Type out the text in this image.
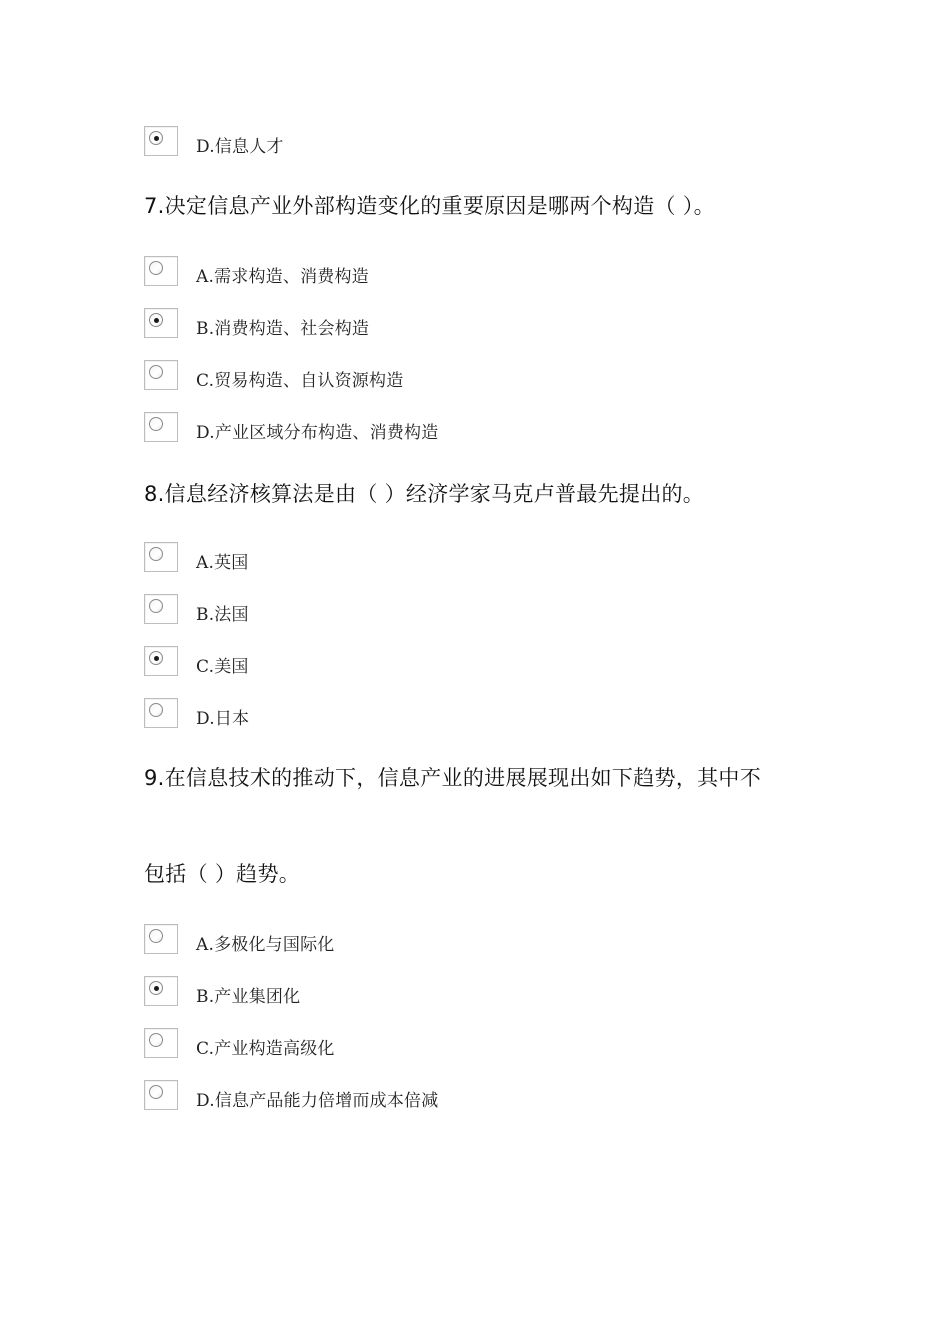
D.信息人才
7.决定信息产业外部构造变化的重要原因是哪两个构造（ ）。
A.需求构造、消费构造
B.消费构造、社会构造
C.贸易构造、自认资源构造
D.产业区域分布构造、消费构造
8.信息经济核算法是由（ ）经济学家马克卢普最先提出的。
A.英国
B.法国
C.美国
D.日本
9.在信息技术的推动下，信息产业的进展展现出如下趋势，其中不
包括（ ）趋势。
A.多极化与国际化
B.产业集团化
C.产业构造高级化
D.信息产品能力倍增而成本倍减
